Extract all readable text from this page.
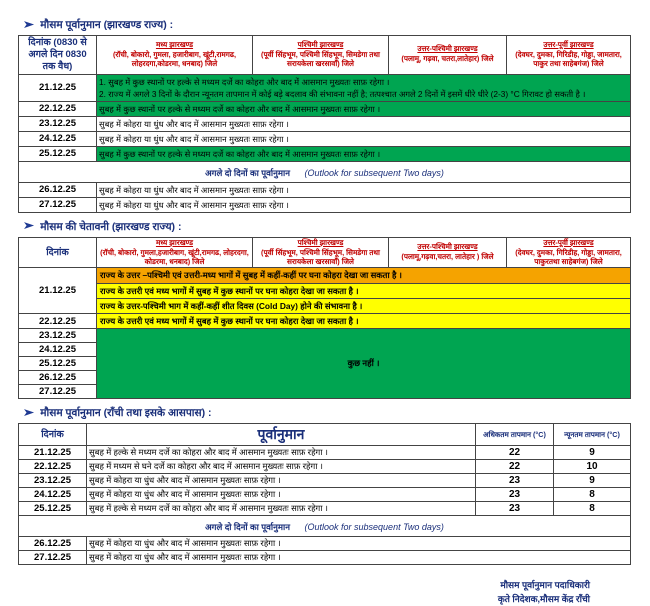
➤ मौसम पूर्वानुमान (झारखण्ड राज्य) :
दिनांक (0830 से अगले दिन 0830 तक वैध)	मध्य झारखण्ड
(रॉची, बोकारो, गुमला, हजारीबाग, खूंटी,रामगढ, लोहरदगा,कोडरमा, धनबाद) जिले	पश्चिमी झारखण्ड
(पूर्वी सिंहभूम, पश्चिमी सिंहभूम, सिमडेगा तथा सरायकेला खरसावाँ) जिले	उत्तर-पश्चिमी झारखण्ड
(पलामू, गढ़वा, चतरा,लातेहार) जिले	उत्तर-पूर्वी झारखण्ड
(देवघर, दुमका, गिरिडीह, गोड्डा, जामतारा, पाकुर तथा साहेबगंज) जिले
21.12.25	1. सुबह में कुछ स्थानों पर हल्के से मध्यम दर्जे का कोहरा और बाद में आसमान मुख्यतः साफ़ रहेगा ।
2. राज्य में अगले 3 दिनों के दौरान न्यूनतम तापमान में कोई बड़े बदलाव की संभावना नहीं है; तत्पश्चात अगले 2 दिनों में इसमें धीरे धीरे (2-3) °C गिरावट हो सकती है ।			

22.12.25	सुबह में कुछ स्थानों पर हल्के से मध्यम दर्जे का कोहरा और बाद में आसमान मुख्यतः साफ़ रहेगा ।			
23.12.25	सुबह में कोहरा या धुंध और बाद में आसमान मुख्यतः साफ़ रहेगा ।			
24.12.25	सुबह में कोहरा या धुंध और बाद में आसमान मुख्यतः साफ़ रहेगा ।			
25.12.25	सुबह में कुछ स्थानों पर हल्के से मध्यम दर्जे का कोहरा और बाद में आसमान मुख्यतः साफ़ रहेगा ।			
अगले दो दिनों का पूर्वानुमान (Outlook for subsequent Two days)				
26.12.25	सुबह में कोहरा या धुंध और बाद में आसमान मुख्यतः साफ़ रहेगा ।			
27.12.25	सुबह में कोहरा या धुंध और बाद में आसमान मुख्यतः साफ़ रहेगा ।			
➤ मौसम की चेतावनी (झारखण्ड राज्य) :
दिनांक	मध्य झारखण्ड
(रॉची, बोकारो, गुमला,हजारीबाग, खूंटी,रामगढ, लोहरदगा, कोडरमा, धनबाद) जिले	पश्चिमी झारखण्ड
(पूर्वी सिंहभूम, पश्चिमी सिंहभूम, सिमडेगा तथा सरायकेला खरसावाँ) जिले	उत्तर-पश्चिमी झारखण्ड
(पलामू,गढ़वा,चतरा, लातेहार ) जिले	उत्तर-पूर्वी झारखण्ड
(देवघर, दुमका, गिरिडीह, गोड्डा, जामतारा, पाकुरतथा साहेबगंज) जिले
21.12.25	राज्य के उत्तर –पश्चिमी एवं उत्तरी-मध्य भागों में सुबह में कहीं-कहीं पर घना कोहरा देखा जा सकता है ।
राज्य के उत्तरी एवं मध्य भागों में सुबह में कुछ स्थानों पर घना कोहरा देखा जा सकता है ।
राज्य के उत्तर-पश्चिमी भाग में कहीं-कहीं शीत दिवस (Cold Day) होने की संभावना है ।			

22.12.25	राज्य के उत्तरी एवं मध्य भागों में सुबह में कुछ स्थानों पर घना कोहरा देखा जा सकता है ।			

23.12.25	कुछ नहीं ।			
24.12.25				
25.12.25				
26.12.25				
27.12.25				
➤ मौसम पूर्वानुमान (राँची तथा इसके आसपास) :
दिनांक	पूर्वानुमान	अधिकतम तापमान (°C)	न्यूनतम तापमान (°C)
21.12.25	सुबह में हल्के से मध्यम दर्जे का कोहरा और बाद में आसमान मुख्यतः साफ़ रहेगा ।	22	9
22.12.25	सुबह में मध्यम से घने दर्जे का कोहरा और बाद में आसमान मुख्यतः साफ़ रहेगा ।	22	10
23.12.25	सुबह में कोहरा या धुंध और बाद में आसमान मुख्यतः साफ़ रहेगा ।	23	9
24.12.25	सुबह में कोहरा या धुंध और बाद में आसमान मुख्यतः साफ़ रहेगा ।	23	8
25.12.25	सुबह में हल्के से मध्यम दर्जे का कोहरा और बाद में आसमान मुख्यतः साफ़ रहेगा ।	23	8
अगले दो दिनों का पूर्वानुमान (Outlook for subsequent Two days)			
26.12.25	सुबह में कोहरा या धुंध और बाद में आसमान मुख्यतः साफ़ रहेगा ।		
27.12.25	सुबह में कोहरा या धुंध और बाद में आसमान मुख्यतः साफ़ रहेगा ।		
मौसम पूर्वानुमान पदाधिकारी
कृते निदेशक,मौसम केंद्र राँची
